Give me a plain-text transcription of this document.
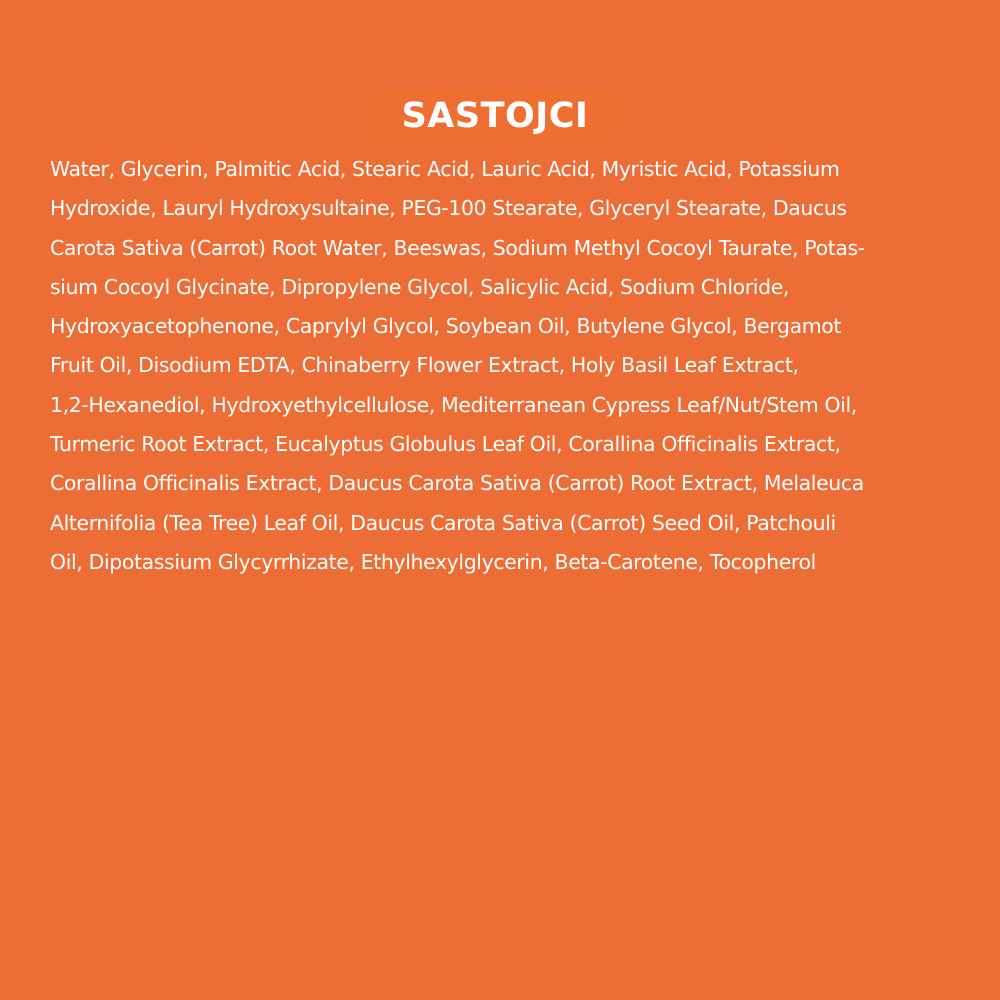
SASTOJCI

Water, Glycerin, Palmitic Acid, Stearic Acid, Lauric Acid, Myristic Acid, Potassium
Hydroxide, Lauryl Hydroxysultaine, PEG-100 Stearate, Glyceryl Stearate, Daucus
Carota Sativa (Carrot) Root Water, Beeswas, Sodium Methyl Cocoyl Taurate, Potas-
sium Cocoyl Glycinate, Dipropylene Glycol, Salicylic Acid, Sodium Chloride,
Hydroxyacetophenone, Caprylyl Glycol, Soybean Oil, Butylene Glycol, Bergamot
Fruit Oil, Disodium EDTA, Chinaberry Flower Extract, Holy Basil Leaf Extract,
1,2-Hexanediol, Hydroxyethylcellulose, Mediterranean Cypress Leaf/Nut/Stem Oil,
Turmeric Root Extract, Eucalyptus Globulus Leaf Oil, Corallina Officinalis Extract,
Corallina Officinalis Extract, Daucus Carota Sativa (Carrot) Root Extract, Melaleuca
Alternifolia (Tea Tree) Leaf Oil, Daucus Carota Sativa (Carrot) Seed Oil, Patchouli
Oil, Dipotassium Glycyrrhizate, Ethylhexylglycerin, Beta-Carotene, Tocopherol
